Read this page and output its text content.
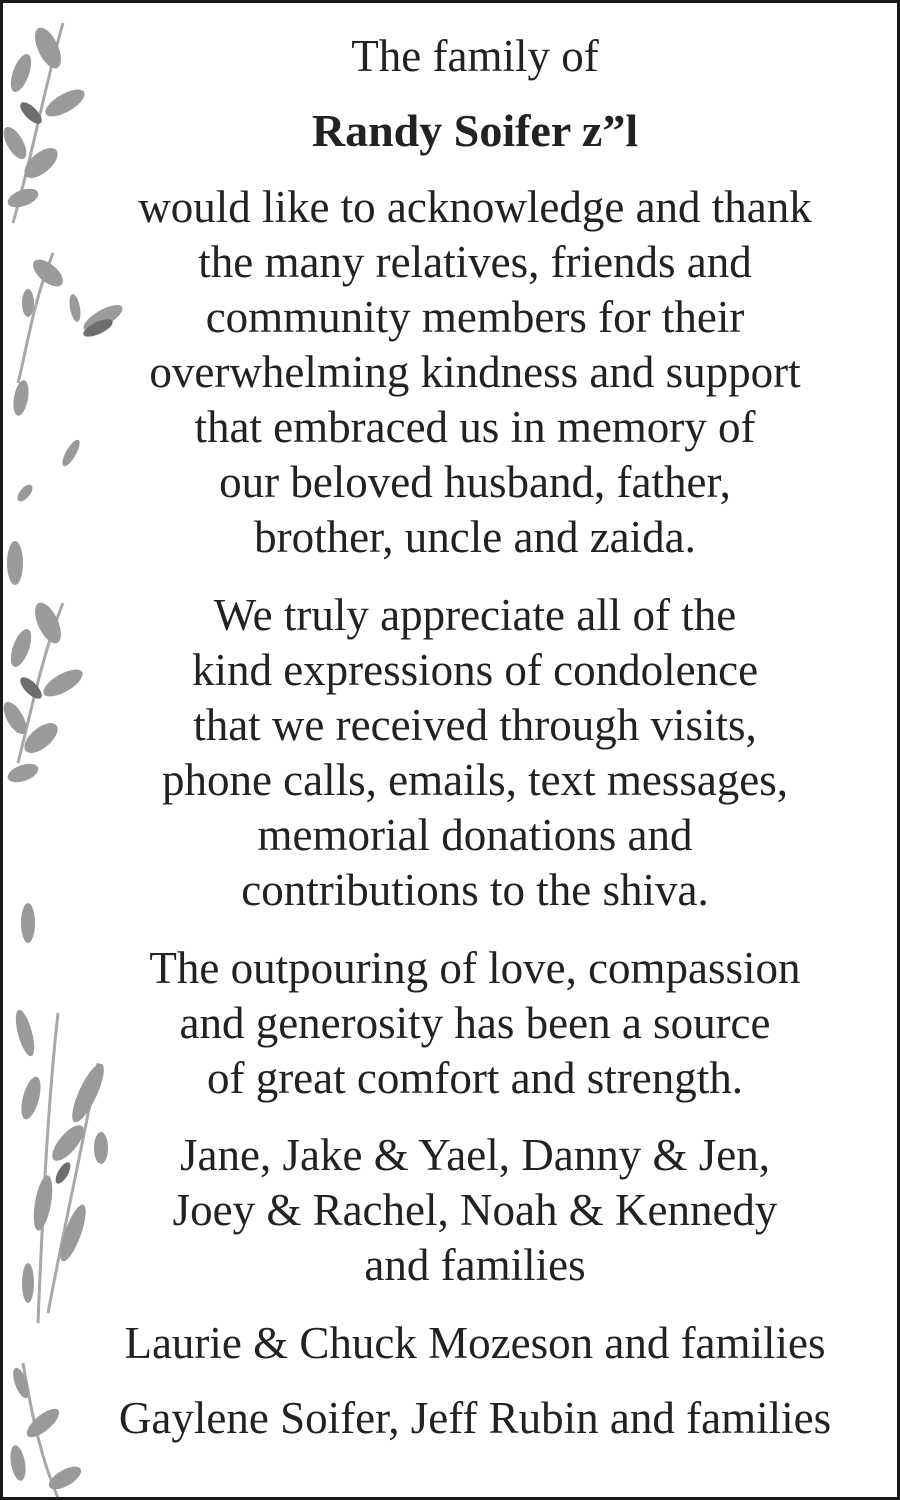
The family of
Randy Soifer z”l
would like to acknowledge and thank
the many relatives, friends and
community members for their
overwhelming kindness and support
that embraced us in memory of
our beloved husband, father,
brother, uncle and zaida.
We truly appreciate all of the
kind expressions of condolence
that we received through visits,
phone calls, emails, text messages,
memorial donations and
contributions to the shiva.
The outpouring of love, compassion
and generosity has been a source
of great comfort and strength.
Jane, Jake & Yael, Danny & Jen,
Joey & Rachel, Noah & Kennedy
and families
Laurie & Chuck Mozeson and families
Gaylene Soifer, Jeff Rubin and families
